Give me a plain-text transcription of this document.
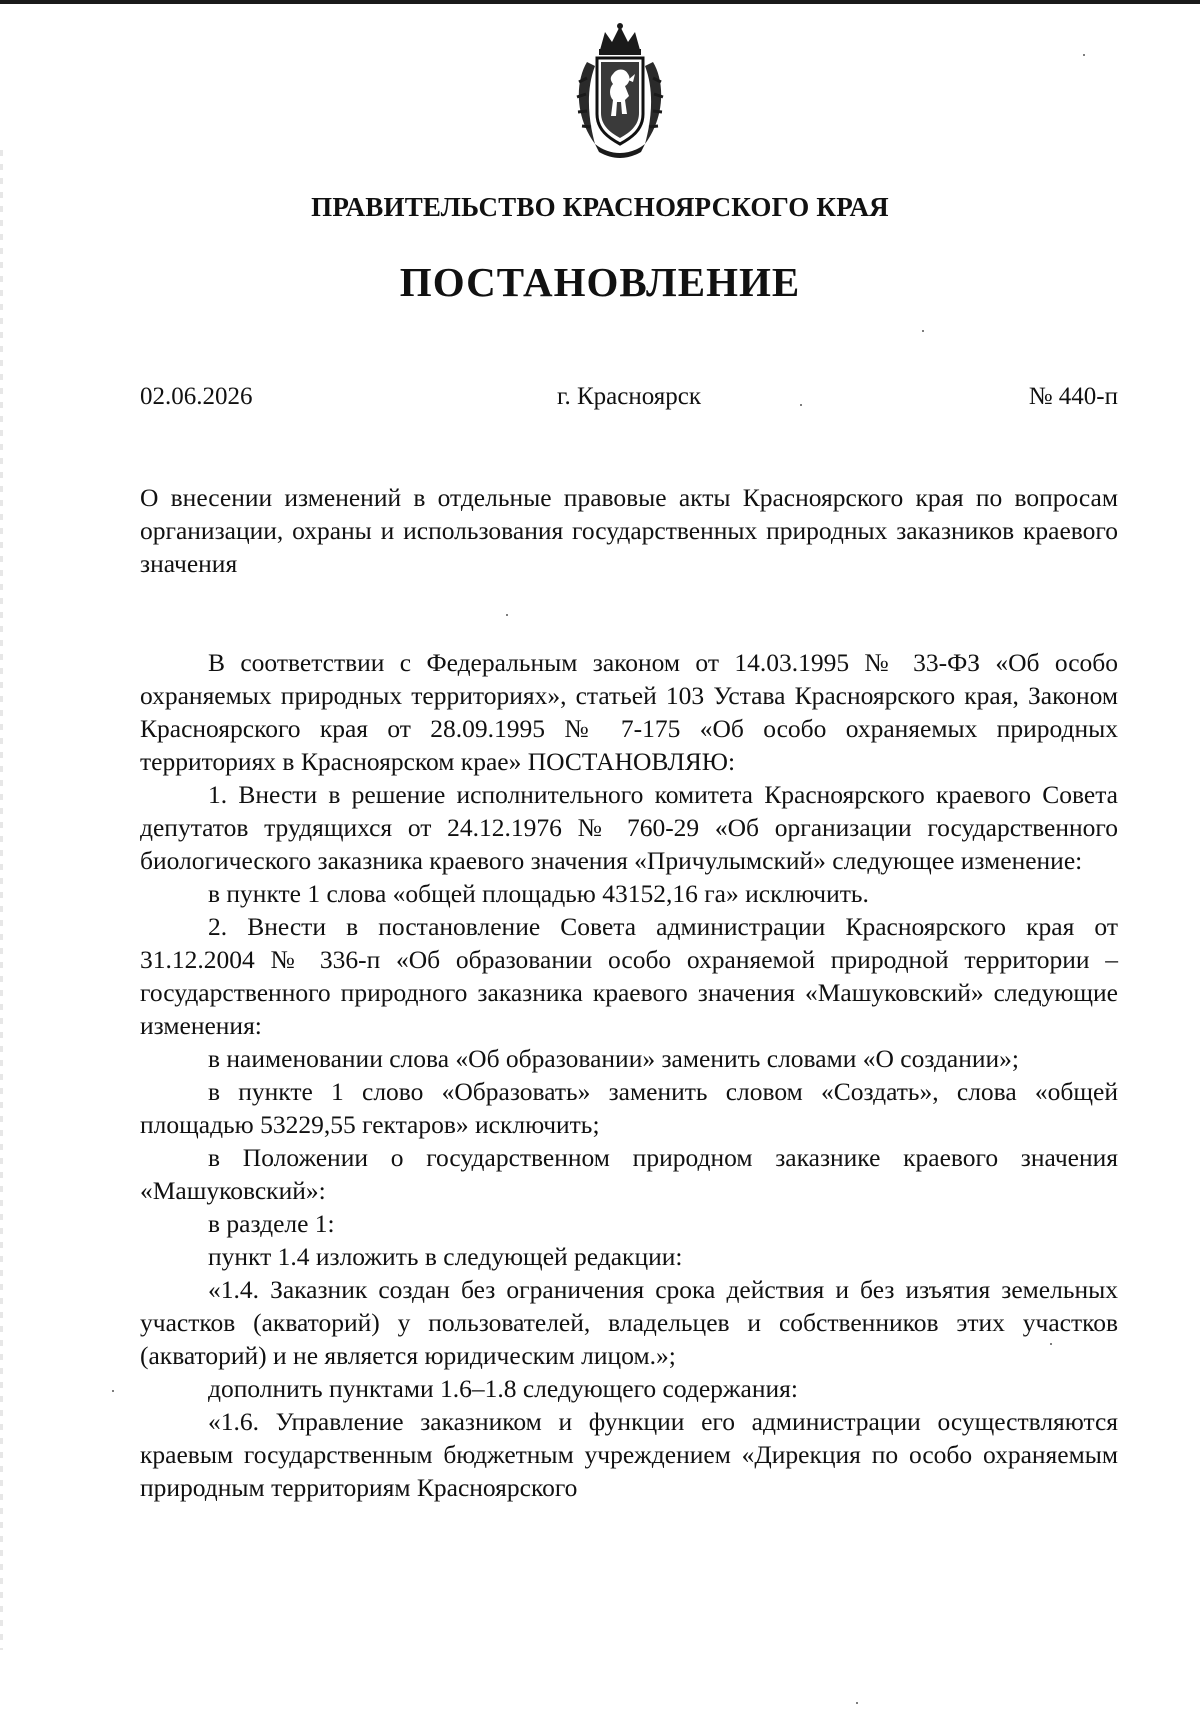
ПРАВИТЕЛЬСТВО КРАСНОЯРСКОГО КРАЯ
ПОСТАНОВЛЕНИЕ
г. Красноярск
02.06.2026	№ 440-п

О внесении изменений в отдельные правовые акты Красноярского края по вопросам организации, охраны и использования государственных природных заказников краевого значения

В соответствии с Федеральным законом от 14.03.1995 № 33-ФЗ «Об особо охраняемых природных территориях», статьей 103 Устава Красноярского края, Законом Красноярского края от 28.09.1995 № 7-175 «Об особо охраняемых природных территориях в Красноярском крае» ПОСТАНОВЛЯЮ:

1. Внести в решение исполнительного комитета Красноярского краевого Совета депутатов трудящихся от 24.12.1976 № 760-29 «Об организации государственного биологического заказника краевого значения «Причулымский» следующее изменение:

в пункте 1 слова «общей площадью 43152,16 га» исключить.

2. Внести в постановление Совета администрации Красноярского края от 31.12.2004 № 336-п «Об образовании особо охраняемой природной территории – государственного природного заказника краевого значения «Машуковский» следующие изменения:

в наименовании слова «Об образовании» заменить словами «О создании»;

в пункте 1 слово «Образовать» заменить словом «Создать», слова «общей площадью 53229,55 гектаров» исключить;

в Положении о государственном природном заказнике краевого значения «Машуковский»:

в разделе 1:

пункт 1.4 изложить в следующей редакции:

«1.4. Заказник создан без ограничения срока действия и без изъятия земельных участков (акваторий) у пользователей, владельцев и собственников этих участков (акваторий) и не является юридическим лицом.»;

дополнить пунктами 1.6–1.8 следующего содержания:

«1.6. Управление заказником и функции его администрации осуществляются краевым государственным бюджетным учреждением «Дирекция по особо охраняемым природным территориям Красноярского
